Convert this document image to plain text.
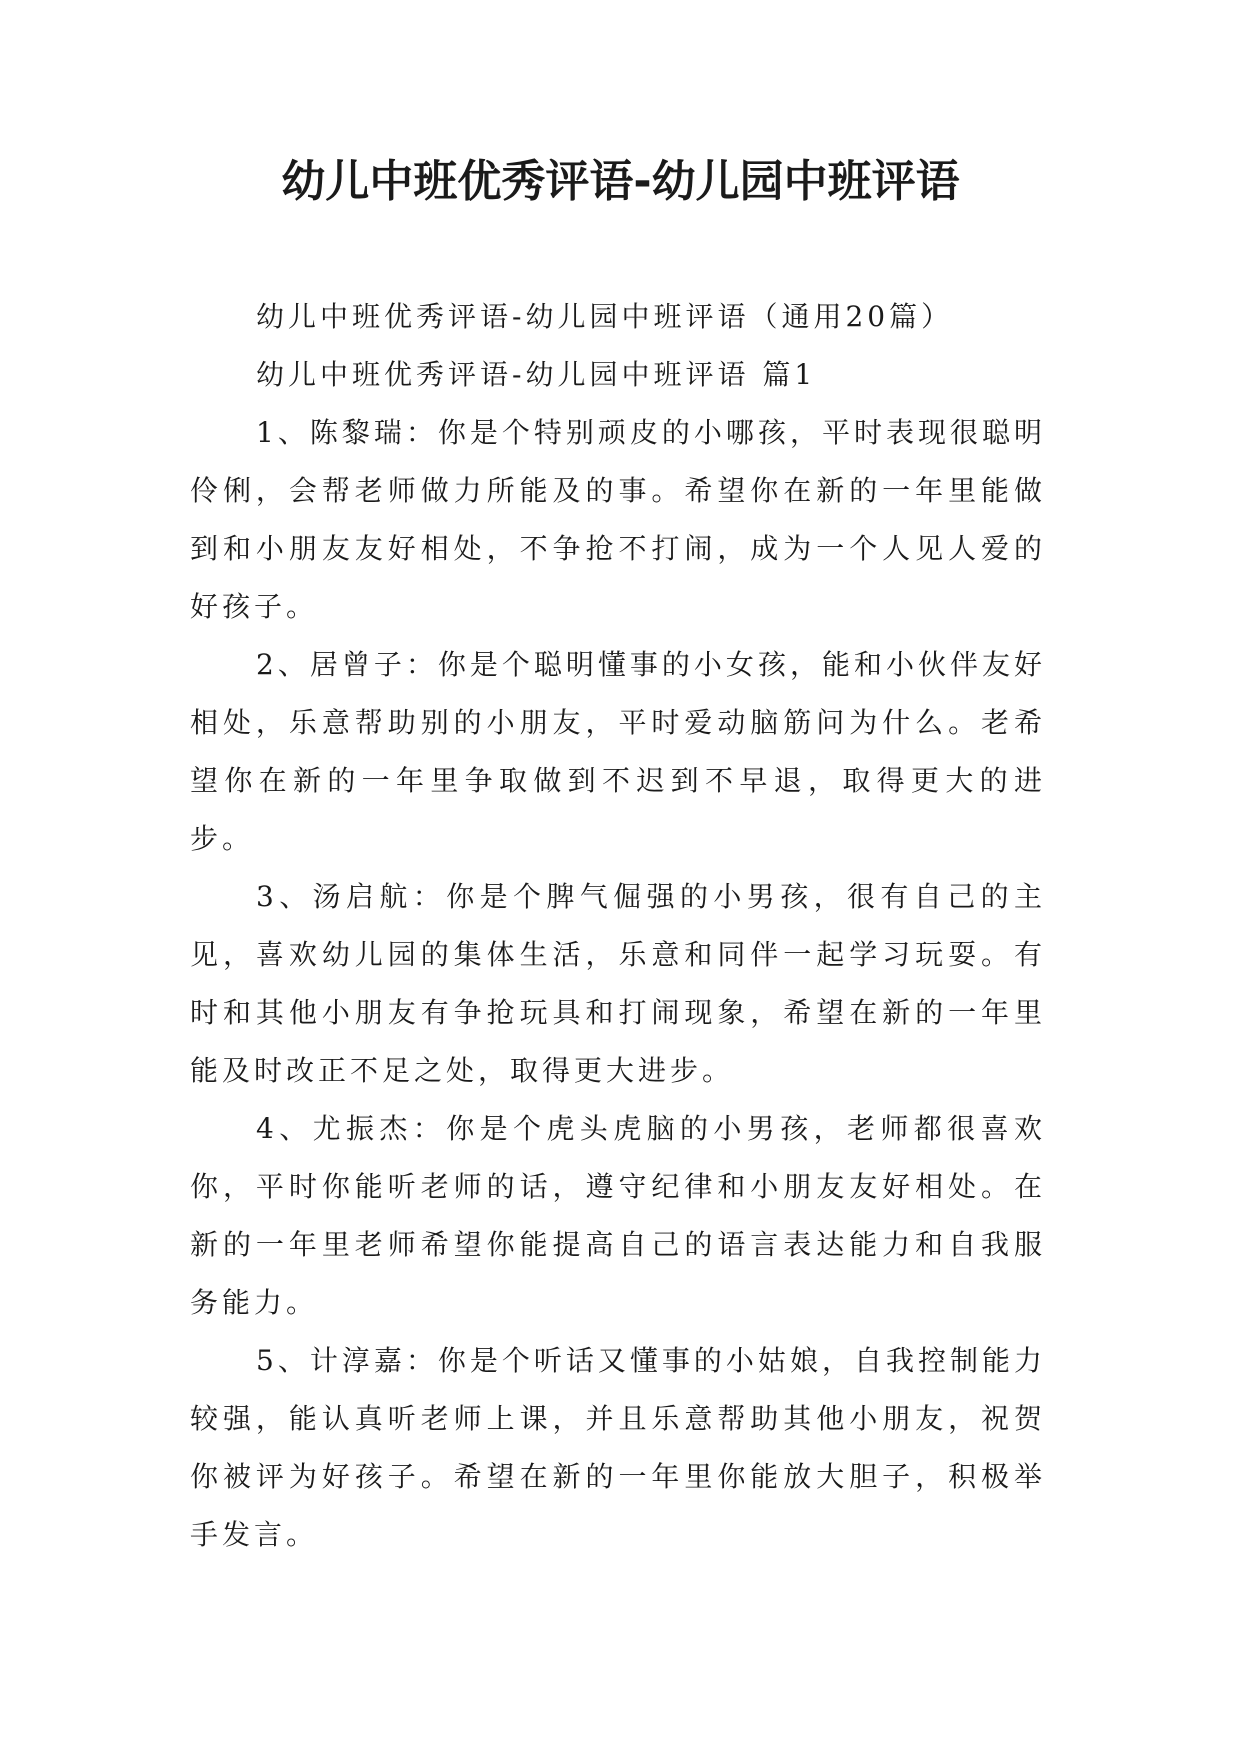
幼儿中班优秀评语-幼儿园中班评语

幼儿中班优秀评语-幼儿园中班评语（通用20篇）

幼儿中班优秀评语-幼儿园中班评语 篇1

1、陈黎瑞：你是个特别顽皮的小哪孩，平时表现很聪明伶俐，会帮老师做力所能及的事。希望你在新的一年里能做到和小朋友友好相处，不争抢不打闹，成为一个人见人爱的好孩子。

2、居曾子：你是个聪明懂事的小女孩，能和小伙伴友好相处，乐意帮助别的小朋友，平时爱动脑筋问为什么。老希望你在新的一年里争取做到不迟到不早退，取得更大的进步。

3、汤启航：你是个脾气倔强的小男孩，很有自己的主见，喜欢幼儿园的集体生活，乐意和同伴一起学习玩耍。有时和其他小朋友有争抢玩具和打闹现象，希望在新的一年里能及时改正不足之处，取得更大进步。

4、尤振杰：你是个虎头虎脑的小男孩，老师都很喜欢你，平时你能听老师的话，遵守纪律和小朋友友好相处。在新的一年里老师希望你能提高自己的语言表达能力和自我服务能力。

5、计淳嘉：你是个听话又懂事的小姑娘，自我控制能力较强，能认真听老师上课，并且乐意帮助其他小朋友，祝贺你被评为好孩子。希望在新的一年里你能放大胆子，积极举手发言。
